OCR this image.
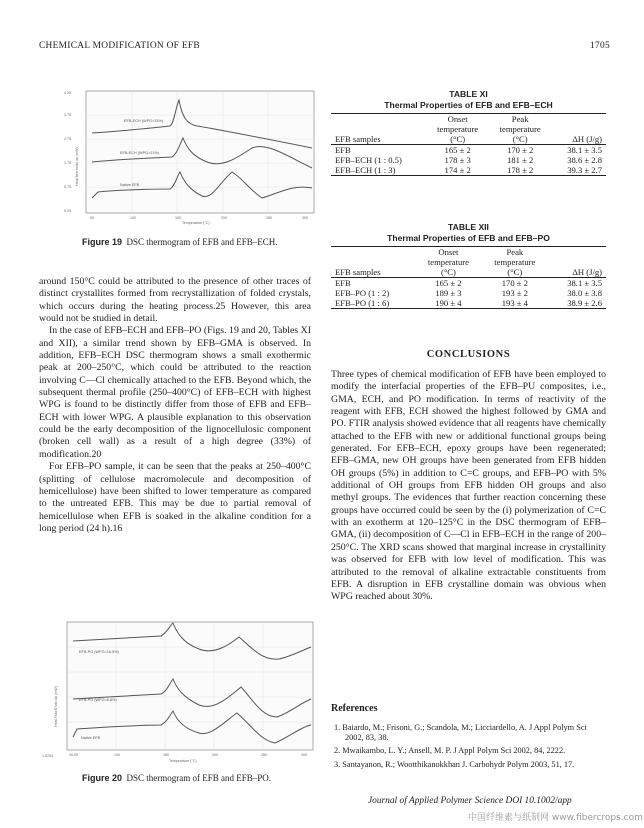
CHEMICAL MODIFICATION OF EFB	1705
4.25
3.75
2.75
1.75
0.75
0.25
50	100	150	200	250	300
Temperature (°C)
Heat flow endo up (mW)
EFB-ECH (WPG=33%)
EFB-ECH (WPG=21%)
Native EFB
Figure 19 DSC thermogram of EFB and EFB–ECH.

around 150°C could be attributed to the presence of other traces of distinct crystallites formed from recrystallization of folded crystals, which occurs during the heating process.25 However, this area would not be studied in detail.

In the case of EFB–ECH and EFB–PO (Figs. 19 and 20, Tables XI and XII), a similar trend shown by EFB–GMA is observed. In addition, EFB–ECH DSC thermogram shows a small exothermic peak at 200–250°C, which could be attributed to the reaction involving C—Cl chemically attached to the EFB. Beyond which, the subsequent thermal profile (250–400°C) of EFB–ECH with highest WPG is found to be distinctly differ from those of EFB and EFB–ECH with lower WPG. A plausible explanation to this observation could be the early decomposition of the lignocellulosic component (broken cell wall) as a result of a high degree (33%) of modification.20

For EFB–PO sample, it can be seen that the peaks at 250–400°C (splitting of cellulose macromolecule and decomposition of hemicellulose) have been shifted to lower temperature as compared to the untreated EFB. This may be due to partial removal of hemicellulose when EFB is soaked in the alkaline condition for a long period (24 h).16

1.0254	30.00	100	150	200	250	300
Temperature (°C)
Heat Flow Endo Up (mW)
EFB-PO (WPG=16.5%)
EFB-PO (WPG=8.8%)
Native EFB
Figure 20 DSC thermogram of EFB and EFB–PO.
TABLE XI
Thermal Properties of EFB and EFB–ECH
	Onset	Peak	
	temperature	temperature	
EFB samples	(°C)	(°C)	ΔH (J/g)
EFB	165 ± 2	170 ± 2	38.1 ± 3.5
EFB–ECH (1 : 0.5)	178 ± 3	181 ± 2	38.6 ± 2.8
EFB–ECH (1 : 3)	174 ± 2	178 ± 2	39.3 ± 2.7
TABLE XII
Thermal Properties of EFB and EFB–PO
	Onset	Peak	
	temperature	temperature	
EFB samples	(°C)	(°C)	ΔH (J/g)
EFB	165 ± 2	170 ± 2	38.1 ± 3.5
EFB–PO (1 : 2)	189 ± 3	193 ± 2	38.0 ± 3.8
EFB–PO (1 : 6)	190 ± 4	193 ± 4	38.9 ± 2.6
CONCLUSIONS

Three types of chemical modification of EFB have been employed to modify the interfacial properties of the EFB–PU composites, i.e., GMA, ECH, and PO modification. In terms of reactivity of the reagent with EFB, ECH showed the highest followed by GMA and PO. FTIR analysis showed evidence that all reagents have chemically attached to the EFB with new or additional functional groups being generated. For EFB–ECH, epoxy groups have been regenerated; EFB–GMA, new OH groups have been generated from EFB hidden OH groups (5%) in addition to C=C groups, and EFB–PO with 5% additional of OH groups from EFB hidden OH groups and also methyl groups. The evidences that further reaction concerning these groups have occurred could be seen by the (i) polymerization of C=C with an exotherm at 120–125°C in the DSC thermogram of EFB–GMA, (ii) decomposition of C—Cl in EFB–ECH in the range of 200–250°C. The XRD scans showed that marginal increase in crystallinity was observed for EFB with low level of modification. This was attributed to the removal of alkaline extractable constituents from EFB. A disruption in EFB crystalline domain was obvious when WPG reached about 30%.

References
1. Baiardo, M.; Frisoni, G.; Scandola, M.; Licciardello, A. J Appl Polym Sci 2002, 83, 38.
2. Mwaikambo, L. Y.; Ansell, M. P. J Appl Polym Sci 2002, 84, 2222.
3. Santayanon, R.; Wootthikanokkhan J. Carbohydr Polym 2003, 51, 17.
Journal of Applied Polymer Science DOI 10.1002/app
中国纤维素与纸制网 www.fibercrops.com
